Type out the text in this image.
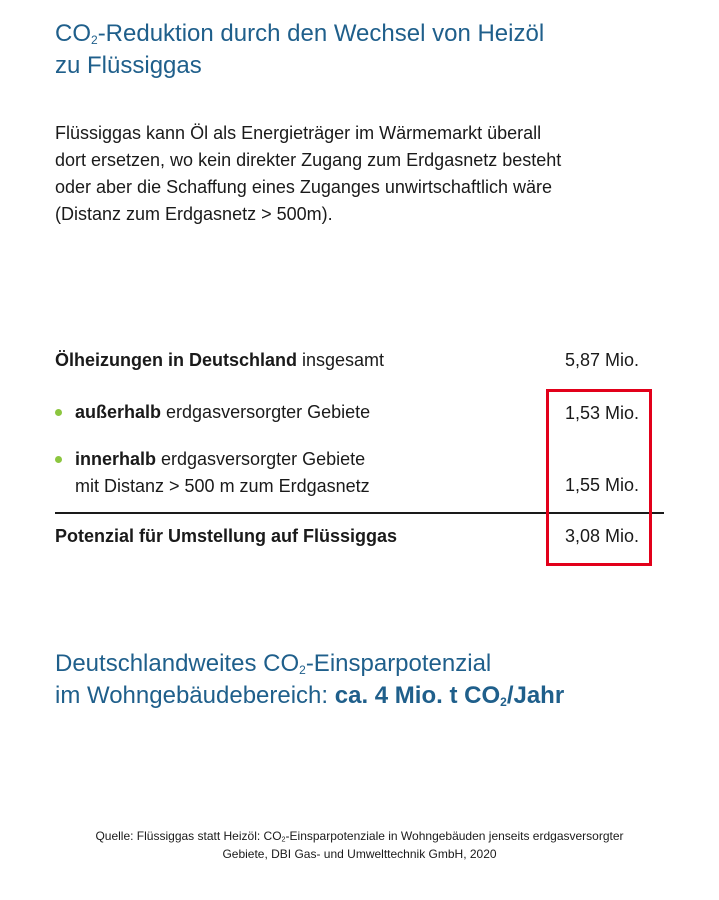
$CO_2$-Reduktion durch den Wechsel von Heizöl
zu Flüssiggas

Flüssiggas kann Öl als Energieträger im Wärmemarkt überall
dort ersetzen, wo kein direkter Zugang zum Erdgasnetz besteht
oder aber die Schaffung eines Zuganges unwirtschaftlich wäre
(Distanz zum Erdgasnetz > 500m).

Ölheizungen in Deutschland insgesamt	5,87 Mio.
außerhalb erdgasversorgter Gebiete	1,53 Mio.
innerhalb erdgasversorgter Gebiete
mit Distanz > 500 m zum Erdgasnetz	1,55 Mio.
Potenzial für Umstellung auf Flüssiggas	3,08 Mio.
Deutschlandweites $CO_2$-Einsparpotenzial
im Wohngebäudebereich: ca. 4 Mio. t $CO_2$/Jahr
Quelle: Flüssiggas statt Heizöl: $CO_2$-Einsparpotenziale in Wohngebäuden jenseits erdgasversorgter
Gebiete, DBI Gas- und Umwelttechnik GmbH, 2020
